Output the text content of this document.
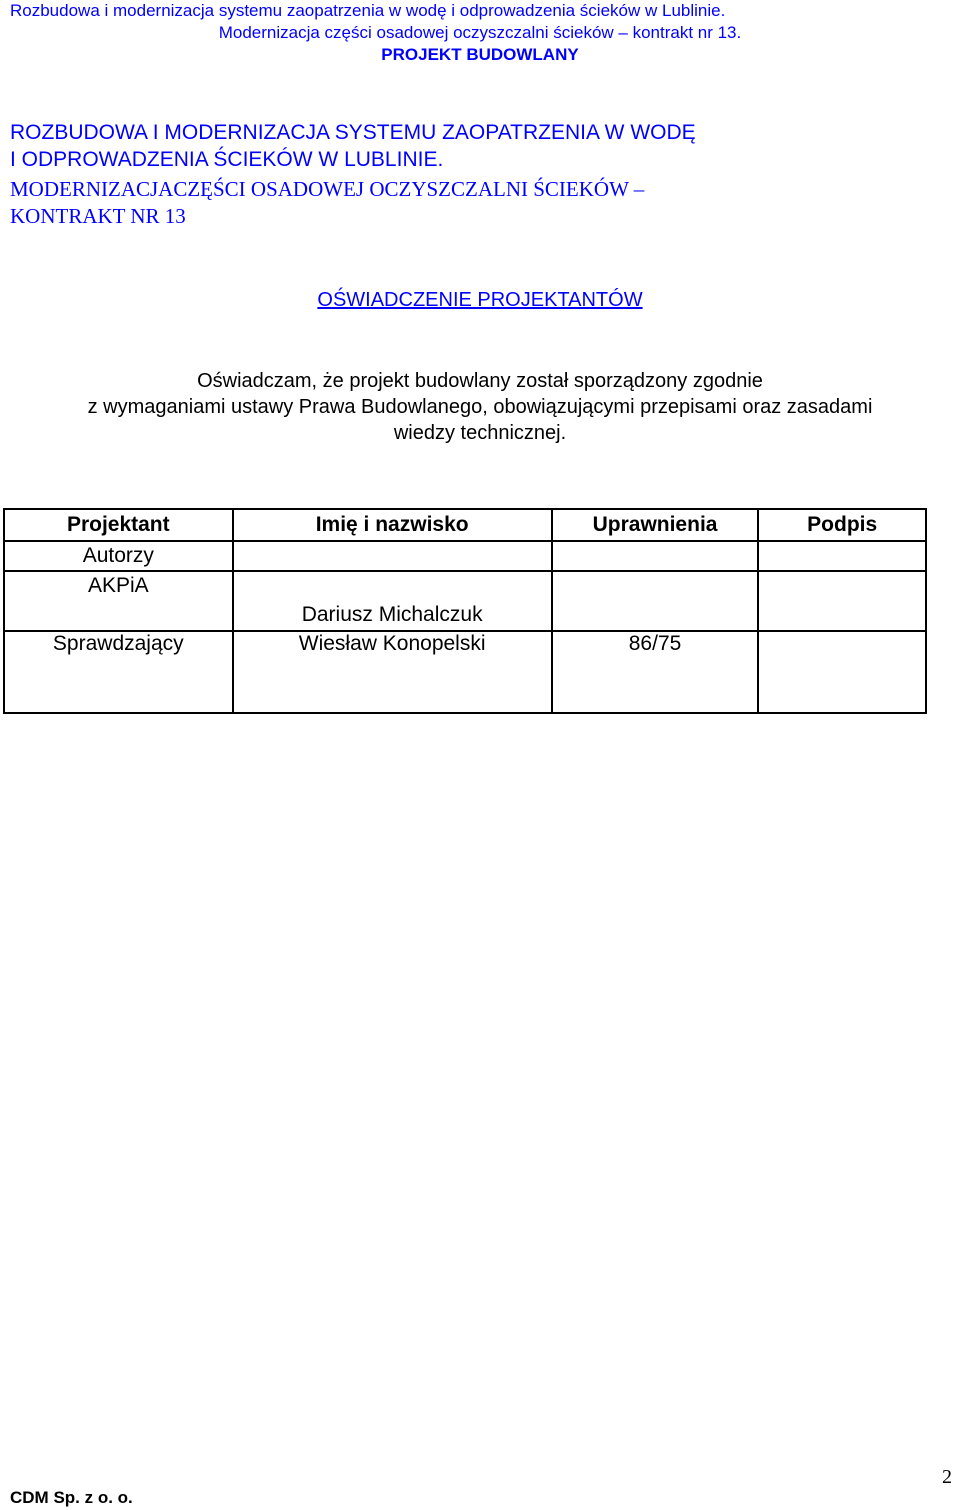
Rozbudowa i modernizacja systemu zaopatrzenia w wodę i odprowadzenia ścieków w Lublinie.
Modernizacja części osadowej oczyszczalni ścieków – kontrakt nr 13.
PROJEKT BUDOWLANY
ROZBUDOWA I MODERNIZACJA SYSTEMU ZAOPATRZENIA W WODĘ
I ODPROWADZENIA ŚCIEKÓW W LUBLINIE.
MODERNIZACJACZĘŚCI OSADOWEJ OCZYSZCZALNI ŚCIEKÓW –
KONTRAKT NR 13
OŚWIADCZENIE PROJEKTANTÓW
Oświadczam, że projekt budowlany został sporządzony zgodnie
z wymaganiami ustawy Prawa Budowlanego, obowiązującymi przepisami oraz zasadami
wiedzy technicznej.
Projektant	Imię i nazwisko	Uprawnienia	Podpis
Autorzy			
AKPiA	Dariusz Michalczuk		
Sprawdzający	Wiesław Konopelski	86/75	
CDM Sp. z o. o.
2
